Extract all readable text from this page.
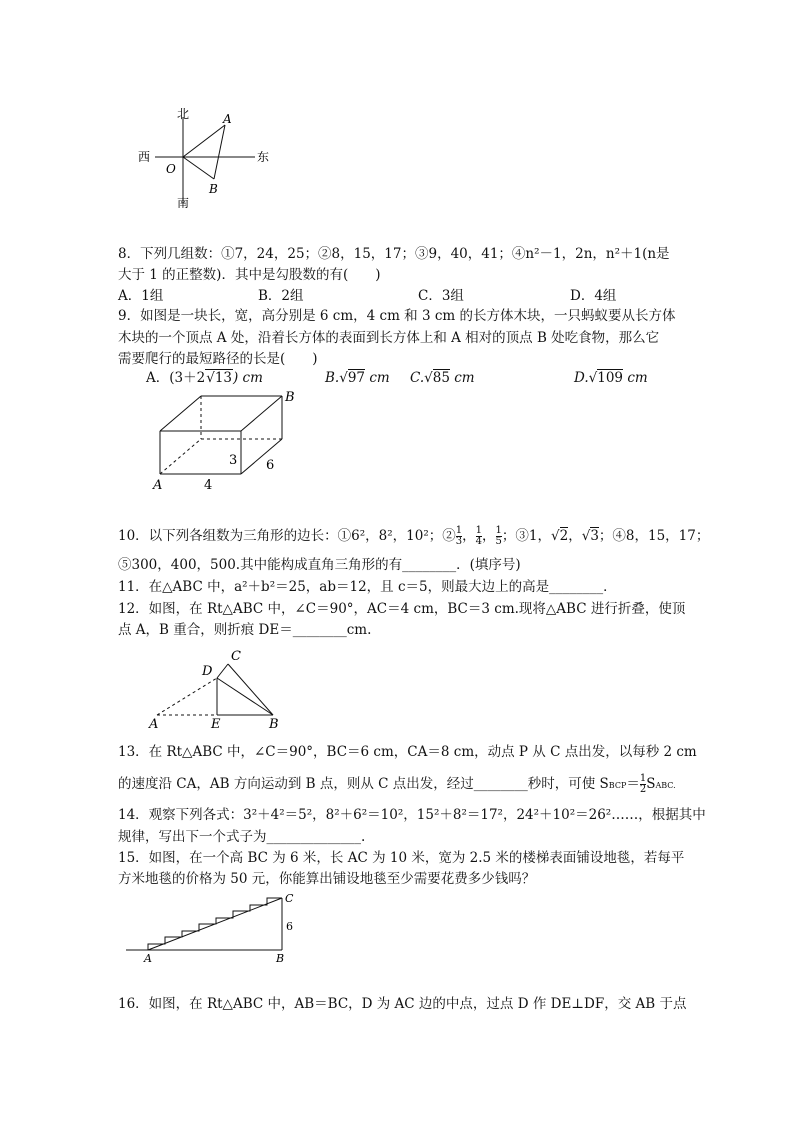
北
南
西	东
O
A
B
8．下列几组数：①7，24，25；②8，15，17；③9，40，41；④n²－1，2n，n²＋1(n是
大于 1 的正整数)．其中是勾股数的有(　　)
A．1组	B．2组	C．3组	D．4组
9．如图是一块长，宽，高分别是 6 cm，4 cm 和 3 cm 的长方体木块，一只蚂蚁要从长方体
木块的一个顶点 A 处，沿着长方体的表面到长方体上和 A 相对的顶点 B 处吃食物，那么它
需要爬行的最短路径的长是(　　)
A．(3＋2√13) cm	B.√97 cm C.√85 cm	D.√109 cm
B
A
3
4
6
10．以下列各组数为三角形的边长：①6²，8²，10²；② $\frac{1}{3}$ ， $\frac{1}{4}$ ， $\frac{1}{5}$ ；③1，√2，√3；④8，15，17；
⑤300，400，500.其中能构成直角三角形的有________．(填序号)
11．在△ABC 中，a²＋b²＝25，ab＝12，且 c＝5，则最大边上的高是________．
12．如图，在 Rt△ABC 中，∠C＝90°，AC＝4 cm，BC＝3 cm.现将△ABC 进行折叠，使顶
点 A，B 重合，则折痕 DE＝________cm.
A	E	B
D
C
13．在 Rt△ABC 中，∠C＝90°，BC＝6 cm，CA＝8 cm，动点 P 从 C 点出发，以每秒 2 cm
的速度沿 CA，AB 方向运动到 B 点，则从 C 点出发，经过________秒时，可使 SBCP＝ $\frac{1}{2}$ SABC.
14．观察下列各式：3²＋4²＝5²，8²＋6²＝10²，15²＋8²＝17²，24²＋10²＝26²……，根据其中
规律，写出下一个式子为______________.
15．如图，在一个高 BC 为 6 米，长 AC 为 10 米，宽为 2.5 米的楼梯表面铺设地毯，若每平
方米地毯的价格为 50 元，你能算出铺设地毯至少需要花费多少钱吗？
C
6
A	B
16．如图，在 Rt△ABC 中，AB＝BC，D 为 AC 边的中点，过点 D 作 DE⊥DF，交 AB 于点
